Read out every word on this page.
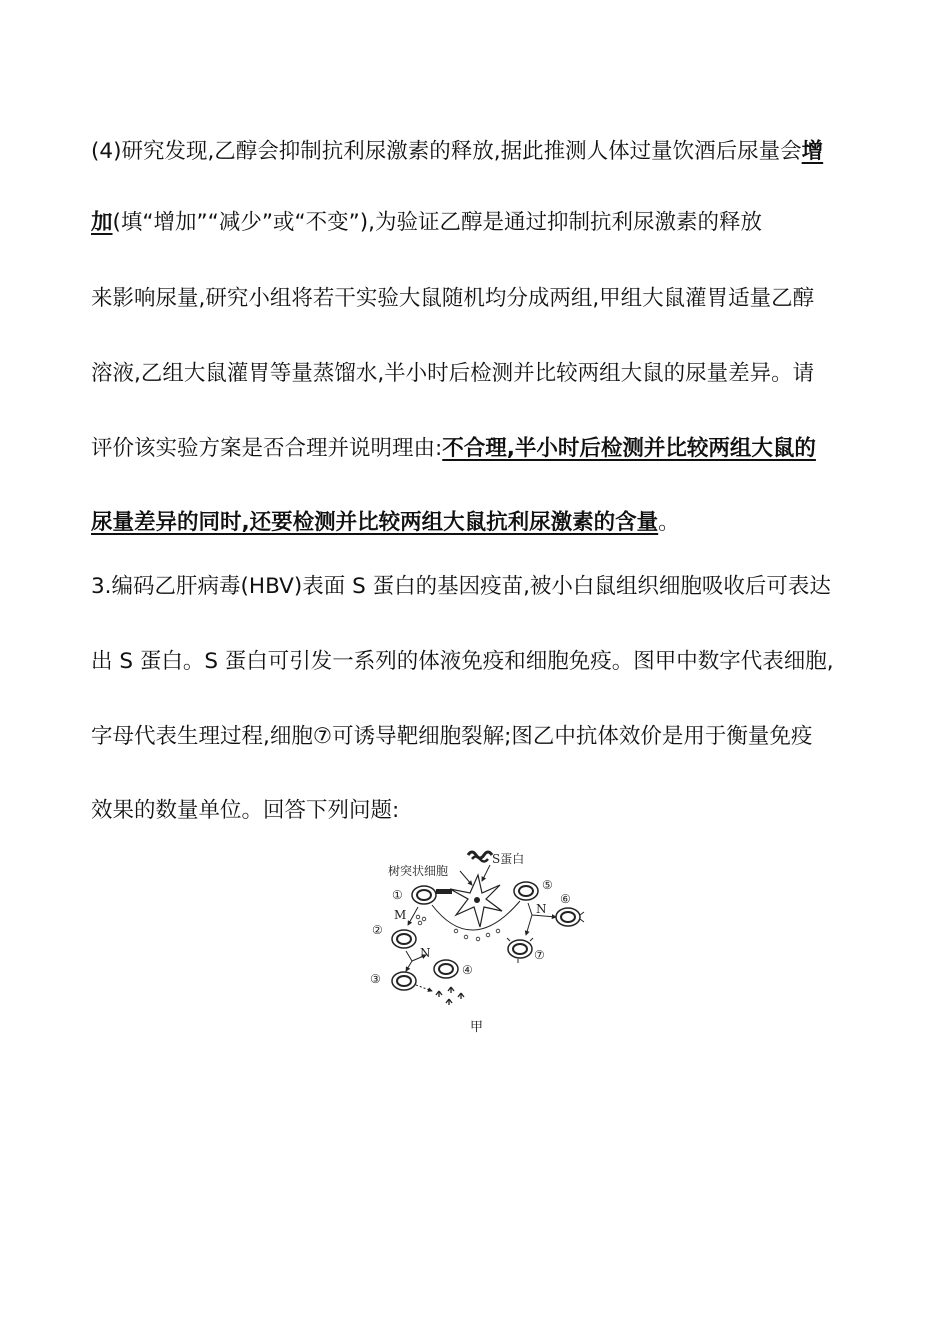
(4)研究发现,乙醇会抑制抗利尿激素的释放,据此推测人体过量饮酒后尿量会增
加(填“增加”“减少”或“不变”),为验证乙醇是通过抑制抗利尿激素的释放
来影响尿量,研究小组将若干实验大鼠随机均分成两组,甲组大鼠灌胃适量乙醇
溶液,乙组大鼠灌胃等量蒸馏水,半小时后检测并比较两组大鼠的尿量差异。请
评价该实验方案是否合理并说明理由:不合理,半小时后检测并比较两组大鼠的
尿量差异的同时,还要检测并比较两组大鼠抗利尿激素的含量。
3.编码乙肝病毒(HBV)表面 S 蛋白的基因疫苗,被小白鼠组织细胞吸收后可表达
出 S 蛋白。S 蛋白可引发一系列的体液免疫和细胞免疫。图甲中数字代表细胞,
字母代表生理过程,细胞⑦可诱导靶细胞裂解;图乙中抗体效价是用于衡量免疫
效果的数量单位。回答下列问题:
树突状细胞
S蛋白
①
⑤
M
②
N
④
③
N
⑥
⑦
甲
